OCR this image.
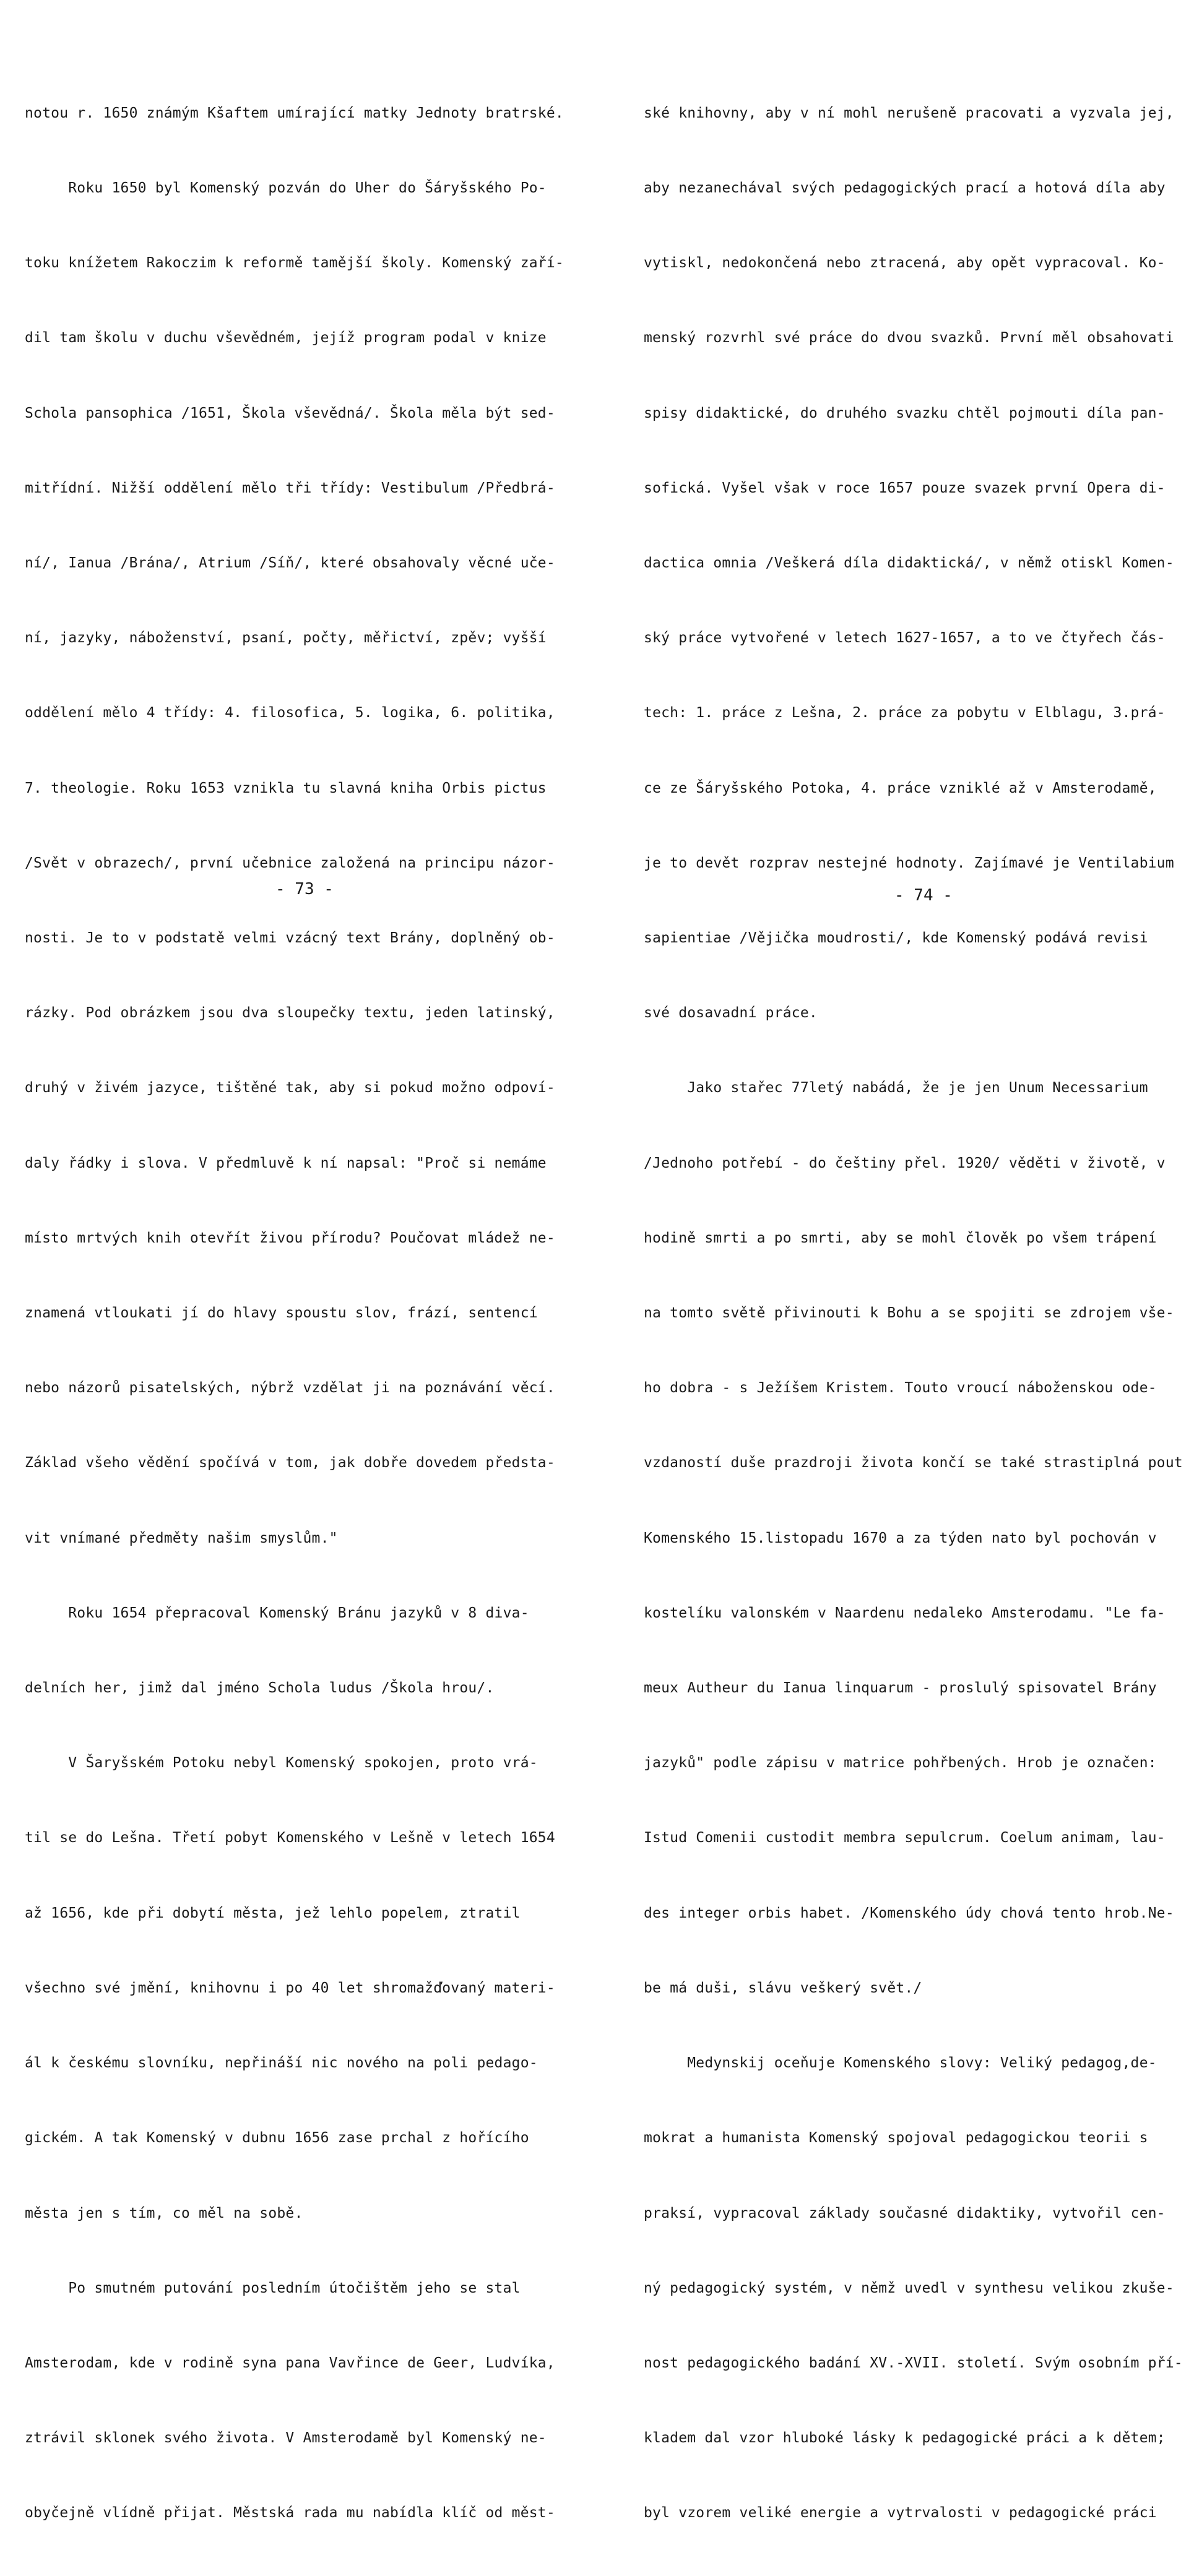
notou r. 1650 známým Kšaftem umírající matky Jednoty bratrské.

Roku 1650 byl Komenský pozván do Uher do Šáryšského Po-

toku knížetem Rakoczim k reformě tamější školy. Komenský zaří-

dil tam školu v duchu vševědném, jejíž program podal v knize

Schola pansophica /1651, Škola vševědná/. Škola měla být sed-

mitřídní. Nižší oddělení mělo tři třídy: Vestibulum /Předbrá-

ní/, Ianua /Brána/, Atrium /Síň/, které obsahovaly věcné uče-

ní, jazyky, náboženství, psaní, počty, měřictví, zpěv; vyšší

oddělení mělo 4 třídy: 4. filosofica, 5. logika, 6. politika,

7. theologie. Roku 1653 vznikla tu slavná kniha Orbis pictus

/Svět v obrazech/, první učebnice založená na principu názor-

nosti. Je to v podstatě velmi vzácný text Brány, doplněný ob-

rázky. Pod obrázkem jsou dva sloupečky textu, jeden latinský,

druhý v živém jazyce, tištěné tak, aby si pokud možno odpoví-

daly řádky i slova. V předmluvě k ní napsal: "Proč si nemáme

místo mrtvých knih otevřít živou přírodu? Poučovat mládež ne-

znamená vtloukati jí do hlavy spoustu slov, frází, sentencí

nebo názorů pisatelských, nýbrž vzdělat ji na poznávání věcí.

Základ všeho vědění spočívá v tom, jak dobře dovedem předsta-

vit vnímané předměty našim smyslům."

Roku 1654 přepracoval Komenský Bránu jazyků v 8 diva-

delních her, jimž dal jméno Schola ludus /Škola hrou/.

V Šaryšském Potoku nebyl Komenský spokojen, proto vrá-

til se do Lešna. Třetí pobyt Komenského v Lešně v letech 1654

až 1656, kde při dobytí města, jež lehlo popelem, ztratil

všechno své jmění, knihovnu i po 40 let shromažďovaný materi-

ál k českému slovníku, nepřináší nic nového na poli pedago-

gickém. A tak Komenský v dubnu 1656 zase prchal z hořícího

města jen s tím, co měl na sobě.

Po smutném putování posledním útočištěm jeho se stal

Amsterodam, kde v rodině syna pana Vavřince de Geer, Ludvíka,

ztrávil sklonek svého života. V Amsterodamě byl Komenský ne-

obyčejně vlídně přijat. Městská rada mu nabídla klíč od měst-

- 73 -

ské knihovny, aby v ní mohl nerušeně pracovati a vyzvala jej,

aby nezanechával svých pedagogických prací a hotová díla aby

vytiskl, nedokončená nebo ztracená, aby opět vypracoval. Ko-

menský rozvrhl své práce do dvou svazků. První měl obsahovati

spisy didaktické, do druhého svazku chtěl pojmouti díla pan-

sofická. Vyšel však v roce 1657 pouze svazek první Opera di-

dactica omnia /Veškerá díla didaktická/, v němž otiskl Komen-

ský práce vytvořené v letech 1627-1657, a to ve čtyřech čás-

tech: 1. práce z Lešna, 2. práce za pobytu v Elblagu, 3.prá-

ce ze Šáryšského Potoka, 4. práce vzniklé až v Amsterodamě,

je to devět rozprav nestejné hodnoty. Zajímavé je Ventilabium

sapientiae /Vějička moudrosti/, kde Komenský podává revisi

své dosavadní práce.

Jako stařec 77letý nabádá, že je jen Unum Necessarium

/Jednoho potřebí - do češtiny přel. 1920/ věděti v životě, v

hodině smrti a po smrti, aby se mohl člověk po všem trápení

na tomto světě přivinouti k Bohu a se spojiti se zdrojem vše-

ho dobra - s Ježíšem Kristem. Touto vroucí náboženskou ode-

vzdaností duše prazdroji života končí se také strastiplná pout

Komenského 15.listopadu 1670 a za týden nato byl pochován v

kostelíku valonském v Naardenu nedaleko Amsterodamu. "Le fa-

meux Autheur du Ianua linquarum - proslulý spisovatel Brány

jazyků" podle zápisu v matrice pohřbených. Hrob je označen:

Istud Comenii custodit membra sepulcrum. Coelum animam, lau-

des integer orbis habet. /Komenského údy chová tento hrob.Ne-

be má duši, slávu veškerý svět./

Medynskij oceňuje Komenského slovy: Veliký pedagog,de-

mokrat a humanista Komenský spojoval pedagogickou teorii s

praksí, vypracoval základy současné didaktiky, vytvořil cen-

ný pedagogický systém, v němž uvedl v synthesu velikou zkuše-

nost pedagogického badání XV.-XVII. století. Svým osobním pří-

kladem dal vzor hluboké lásky k pedagogické práci a k dětem;

byl vzorem veliké energie a vytrvalosti v pedagogické práci

- 74 -
